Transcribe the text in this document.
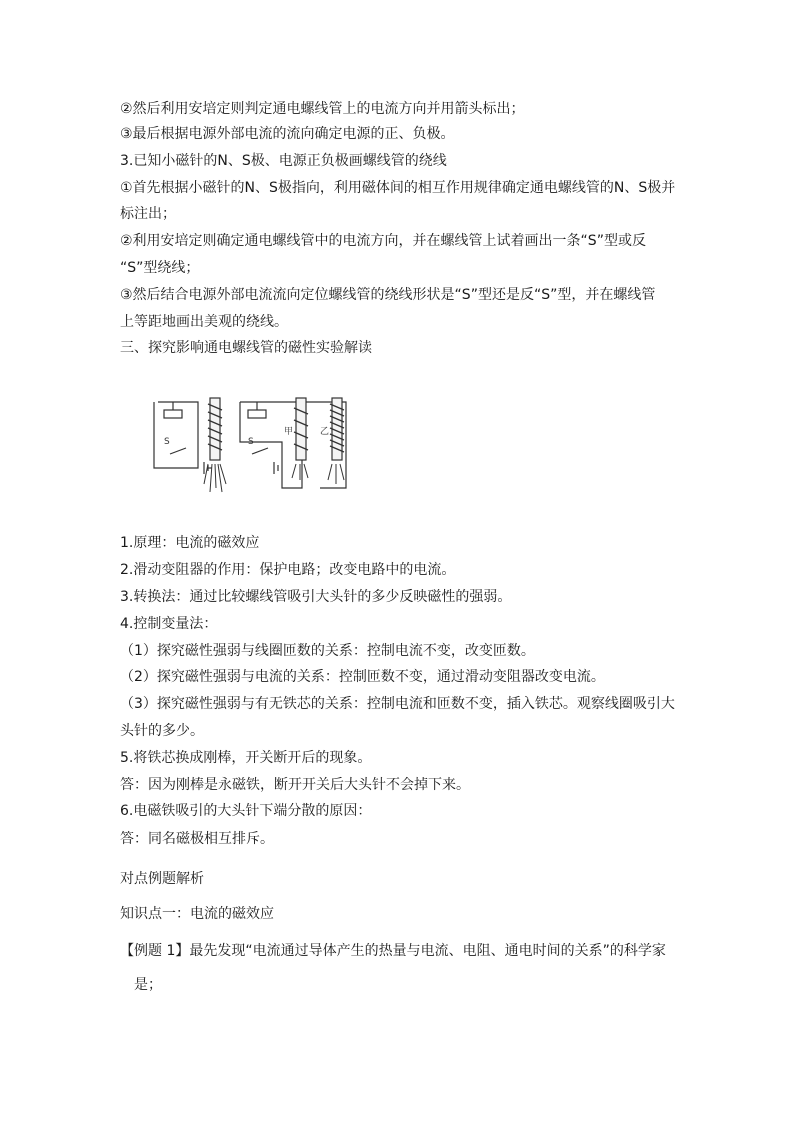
②然后利用安培定则判定通电螺线管上的电流方向并用箭头标出；
③最后根据电源外部电流的流向确定电源的正、负极。
3.已知小磁针的N、S极、电源正负极画螺线管的绕线
①首先根据小磁针的N、S极指向，利用磁体间的相互作用规律确定通电螺线管的N、S极并
标注出；
②利用安培定则确定通电螺线管中的电流方向，并在螺线管上试着画出一条“S”型或反
“S”型绕线；
③然后结合电源外部电流流向定位螺线管的绕线形状是“S”型还是反“S”型，并在螺线管
上等距地画出美观的绕线。
三、探究影响通电螺线管的磁性实验解读
S	S
甲	乙
1.原理：电流的磁效应
2.滑动变阻器的作用：保护电路；改变电路中的电流。
3.转换法：通过比较螺线管吸引大头针的多少反映磁性的强弱。
4.控制变量法：
（1）探究磁性强弱与线圈匝数的关系：控制电流不变，改变匝数。
（2）探究磁性强弱与电流的关系：控制匝数不变，通过滑动变阻器改变电流。
（3）探究磁性强弱与有无铁芯的关系：控制电流和匝数不变，插入铁芯。观察线圈吸引大
头针的多少。
5.将铁芯换成刚棒，开关断开后的现象。
答：因为刚棒是永磁铁，断开开关后大头针不会掉下来。
6.电磁铁吸引的大头针下端分散的原因：
答：同名磁极相互排斥。
对点例题解析
知识点一：电流的磁效应
【例题 1】最先发现“电流通过导体产生的热量与电流、电阻、通电时间的关系”的科学家
是；
